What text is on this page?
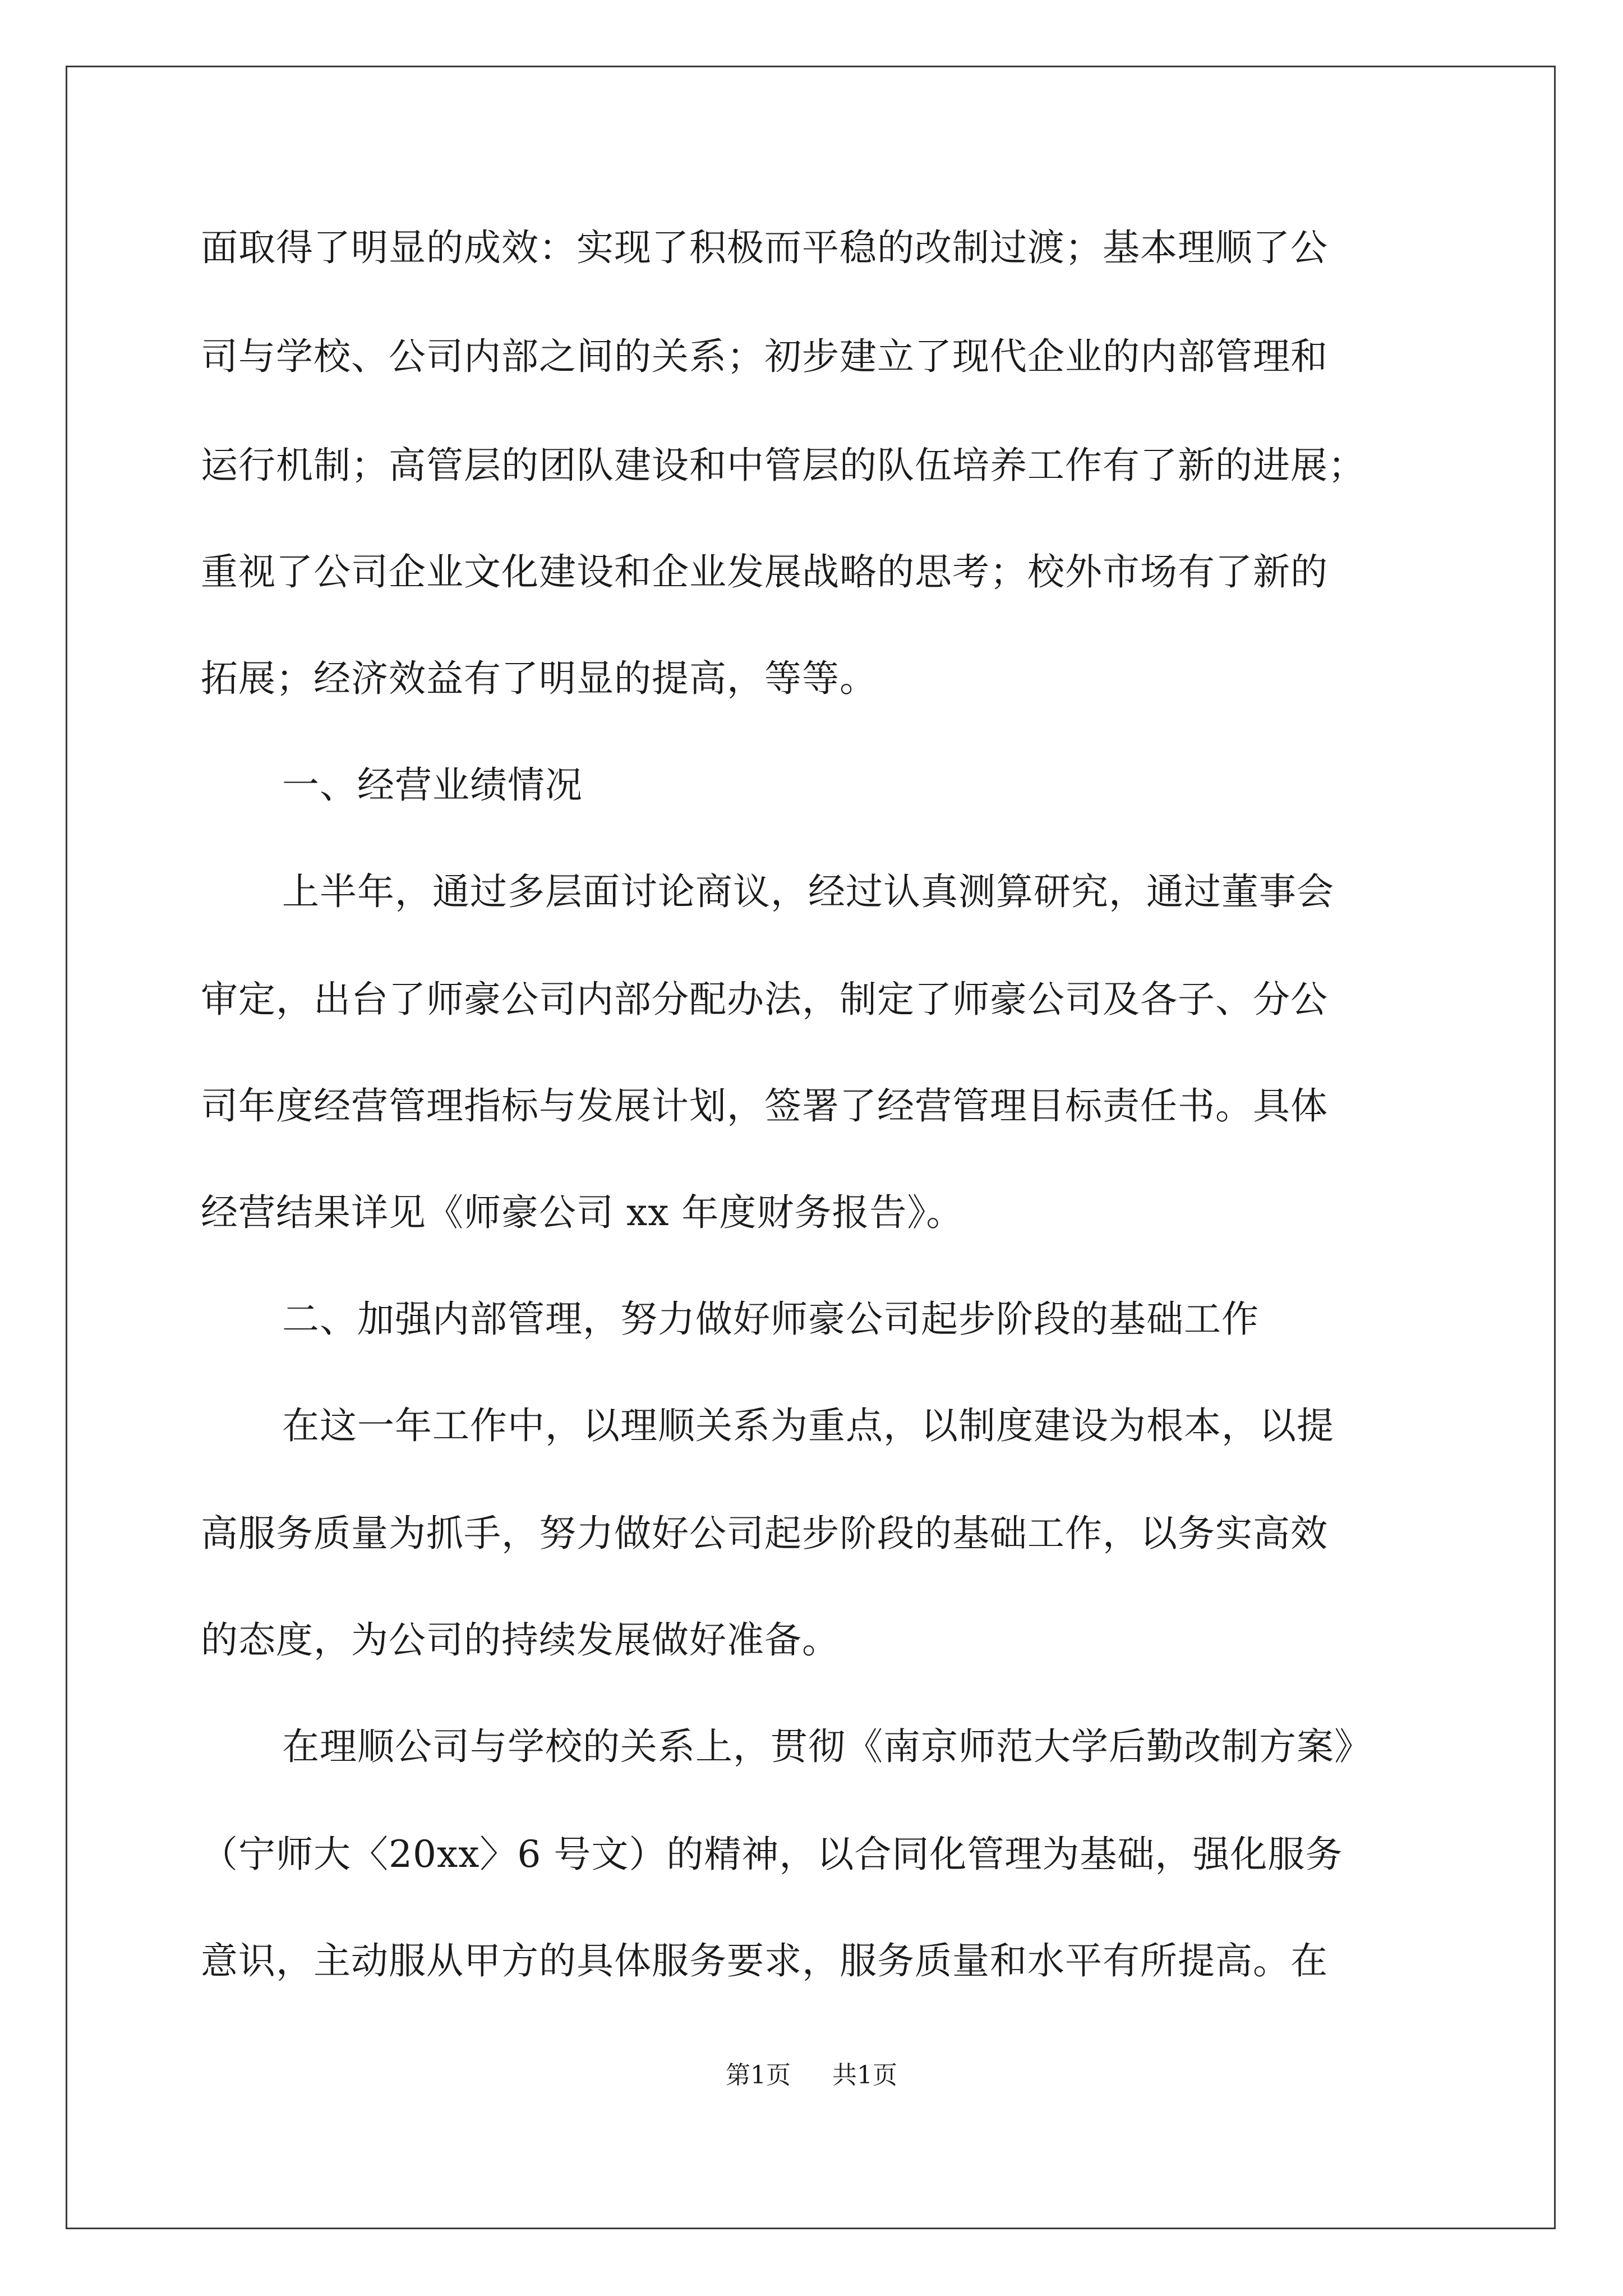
面取得了明显的成效：实现了积极而平稳的改制过渡；基本理顺了公
司与学校、公司内部之间的关系；初步建立了现代企业的内部管理和
运行机制；高管层的团队建设和中管层的队伍培养工作有了新的进展；
重视了公司企业文化建设和企业发展战略的思考；校外市场有了新的
拓展；经济效益有了明显的提高，等等。
一、经营业绩情况
上半年，通过多层面讨论商议，经过认真测算研究，通过董事会
审定，出台了师豪公司内部分配办法，制定了师豪公司及各子、分公
司年度经营管理指标与发展计划，签署了经营管理目标责任书。具体
经营结果详见《师豪公司 xx 年度财务报告》。
二、加强内部管理，努力做好师豪公司起步阶段的基础工作
在这一年工作中，以理顺关系为重点，以制度建设为根本，以提
高服务质量为抓手，努力做好公司起步阶段的基础工作，以务实高效
的态度，为公司的持续发展做好准备。
在理顺公司与学校的关系上，贯彻《南京师范大学后勤改制方案》
（宁师大〈20xx〉6 号文）的精神，以合同化管理为基础，强化服务
意识，主动服从甲方的具体服务要求，服务质量和水平有所提高。在
第1页 共1页
